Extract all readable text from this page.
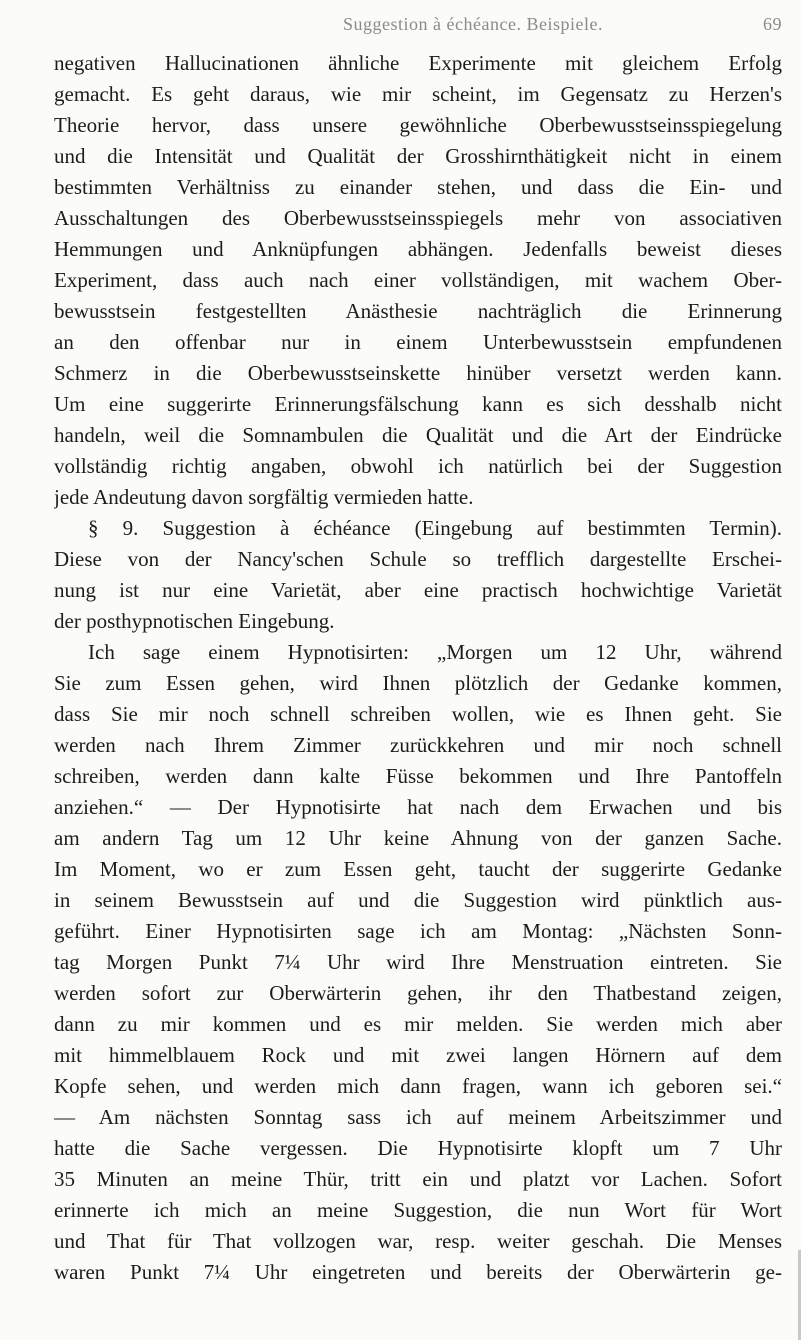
Suggestion à échéance. Beispiele.	69
negativen Hallucinationen ähnliche Experimente mit gleichem Erfolg
gemacht. Es geht daraus, wie mir scheint, im Gegensatz zu Herzen's
Theorie hervor, dass unsere gewöhnliche Oberbewusstseinsspiegelung
und die Intensität und Qualität der Grosshirnthätigkeit nicht in einem
bestimmten Verhältniss zu einander stehen, und dass die Ein- und
Ausschaltungen des Oberbewusstseinsspiegels mehr von associativen
Hemmungen und Anknüpfungen abhängen. Jedenfalls beweist dieses
Experiment, dass auch nach einer vollständigen, mit wachem Ober-
bewusstsein festgestellten Anästhesie nachträglich die Erinnerung
an den offenbar nur in einem Unterbewusstsein empfundenen
Schmerz in die Oberbewusstseinskette hinüber versetzt werden kann.
Um eine suggerirte Erinnerungsfälschung kann es sich desshalb nicht
handeln, weil die Somnambulen die Qualität und die Art der Eindrücke
vollständig richtig angaben, obwohl ich natürlich bei der Suggestion
jede Andeutung davon sorgfältig vermieden hatte.
§ 9. Suggestion à échéance (Eingebung auf bestimmten Termin).
Diese von der Nancy'schen Schule so trefflich dargestellte Erschei-
nung ist nur eine Varietät, aber eine practisch hochwichtige Varietät
der posthypnotischen Eingebung.
Ich sage einem Hypnotisirten: „Morgen um 12 Uhr, während
Sie zum Essen gehen, wird Ihnen plötzlich der Gedanke kommen,
dass Sie mir noch schnell schreiben wollen, wie es Ihnen geht. Sie
werden nach Ihrem Zimmer zurückkehren und mir noch schnell
schreiben, werden dann kalte Füsse bekommen und Ihre Pantoffeln
anziehen.“ — Der Hypnotisirte hat nach dem Erwachen und bis
am andern Tag um 12 Uhr keine Ahnung von der ganzen Sache.
Im Moment, wo er zum Essen geht, taucht der suggerirte Gedanke
in seinem Bewusstsein auf und die Suggestion wird pünktlich aus-
geführt. Einer Hypnotisirten sage ich am Montag: „Nächsten Sonn-
tag Morgen Punkt 7¼ Uhr wird Ihre Menstruation eintreten. Sie
werden sofort zur Oberwärterin gehen, ihr den Thatbestand zeigen,
dann zu mir kommen und es mir melden. Sie werden mich aber
mit himmelblauem Rock und mit zwei langen Hörnern auf dem
Kopfe sehen, und werden mich dann fragen, wann ich geboren sei.“
— Am nächsten Sonntag sass ich auf meinem Arbeitszimmer und
hatte die Sache vergessen. Die Hypnotisirte klopft um 7 Uhr
35 Minuten an meine Thür, tritt ein und platzt vor Lachen. Sofort
erinnerte ich mich an meine Suggestion, die nun Wort für Wort
und That für That vollzogen war, resp. weiter geschah. Die Menses
waren Punkt 7¼ Uhr eingetreten und bereits der Oberwärterin ge-
